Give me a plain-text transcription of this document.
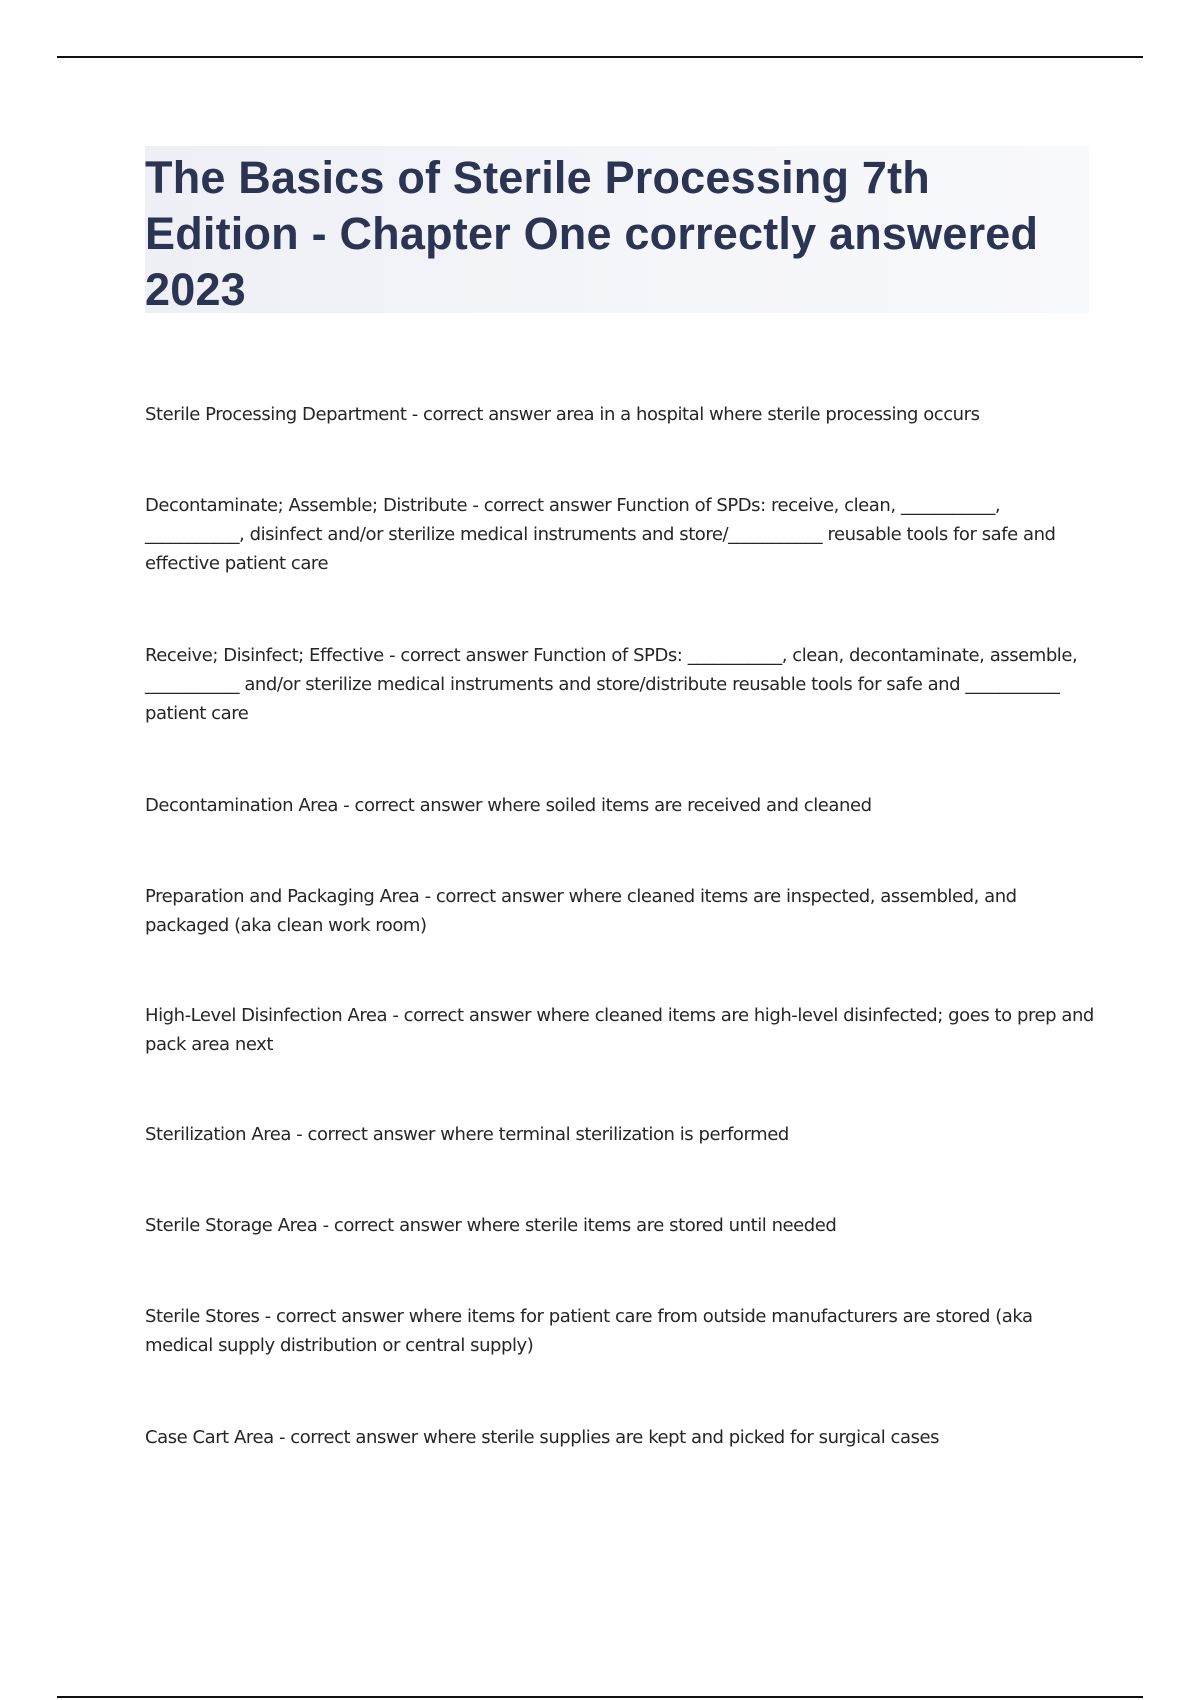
The Basics of Sterile Processing 7th Edition - Chapter One correctly answered 2023

Sterile Processing Department - correct answer area in a hospital where sterile processing occurs

Decontaminate; Assemble; Distribute - correct answer Function of SPDs: receive, clean, ___________, ___________, disinfect and/or sterilize medical instruments and store/___________ reusable tools for safe and effective patient care

Receive; Disinfect; Effective - correct answer Function of SPDs: ___________, clean, decontaminate, assemble, ___________ and/or sterilize medical instruments and store/distribute reusable tools for safe and ___________ patient care

Decontamination Area - correct answer where soiled items are received and cleaned

Preparation and Packaging Area - correct answer where cleaned items are inspected, assembled, and packaged (aka clean work room)

High-Level Disinfection Area - correct answer where cleaned items are high-level disinfected; goes to prep and pack area next

Sterilization Area - correct answer where terminal sterilization is performed

Sterile Storage Area - correct answer where sterile items are stored until needed

Sterile Stores - correct answer where items for patient care from outside manufacturers are stored (aka medical supply distribution or central supply)

Case Cart Area - correct answer where sterile supplies are kept and picked for surgical cases
